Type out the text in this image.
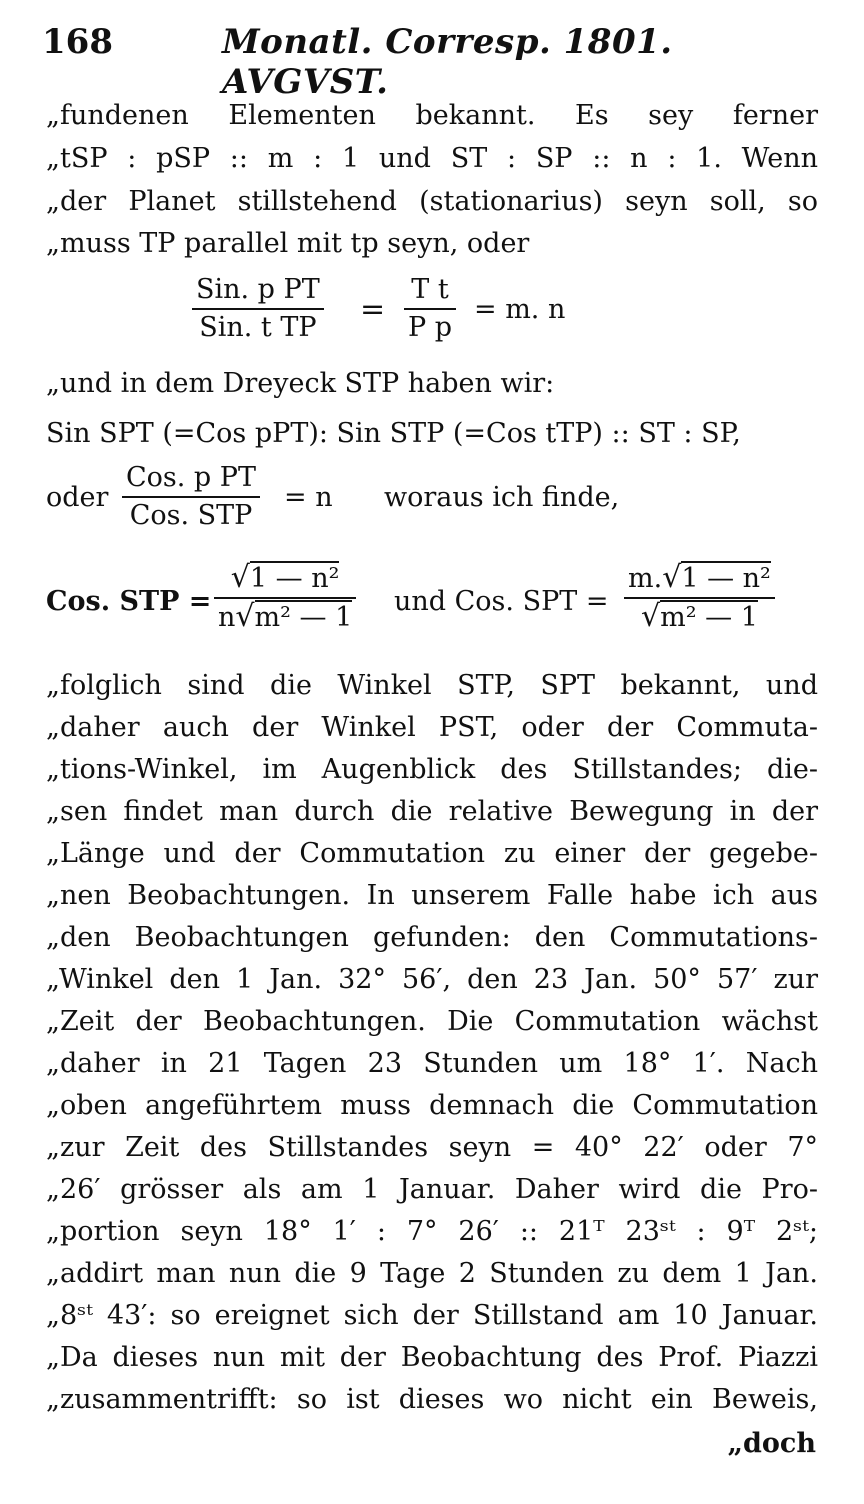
168	Monatl. Corresp. 1801. AVGVST.
„fundenen Elementen bekannt. Es sey ferner
„tSP : pSP :: m : 1 und ST : SP :: n : 1. Wenn
„der Planet stillstehend (stationarius) seyn soll, so
„muss TP parallel mit tp seyn, oder
Sin. p PT
Sin. t TP
= $\frac{\text{T t}}{\text{P p}} = m$. n
„und in dem Dreyeck STP haben wir:
Sin SPT (=Cos pPT): Sin STP (=Cos tTP) :: ST : SP,
oder
Cos. p PT
Cos. STP
= n woraus ich finde,
Cos. STP = $\frac{\text{√1 — n²}}{\text{n√m² — 1}}$ und Cos. SPT = $\frac{\text{m.√1 — n²}}{\text{√m² — 1}}$
„folglich sind die Winkel STP, SPT bekannt, und
„daher auch der Winkel PST, oder der Commuta-
„tions-Winkel, im Augenblick des Stillstandes; die-
„sen findet man durch die relative Bewegung in der
„Länge und der Commutation zu einer der gegebe-
„nen Beobachtungen. In unserem Falle habe ich aus
„den Beobachtungen gefunden: den Commutations-
„Winkel den 1 Jan. 32° 56′, den 23 Jan. 50° 57′ zur
„Zeit der Beobachtungen. Die Commutation wächst
„daher in 21 Tagen 23 Stunden um 18° 1′. Nach
„oben angeführtem muss demnach die Commutation
„zur Zeit des Stillstandes seyn = 40° 22′ oder 7°
„26′ grösser als am 1 Januar. Daher wird die Pro-
„portion seyn 18° 1′ : 7° 26′ :: 21ᵀ 23ˢᵗ : 9ᵀ 2ˢᵗ;
„addirt man nun die 9 Tage 2 Stunden zu dem 1 Jan.
„8ˢᵗ 43′: so ereignet sich der Stillstand am 10 Januar.
„Da dieses nun mit der Beobachtung des Prof. Piazzi
„zusammentrifft: so ist dieses wo nicht ein Beweis,
„doch
